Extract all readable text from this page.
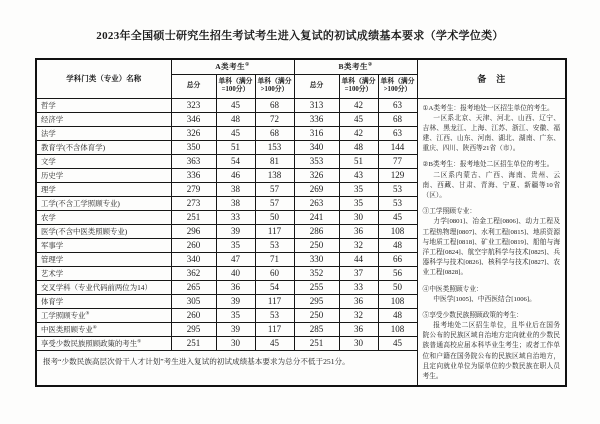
2023年全国硕士研究生招生考试考生进入复试的初试成绩基本要求（学术学位类）
学科门类（专业）名称	A类考生①			B类考生②			备注
	总分	单科（满分=100分）	单科（满分>100分）	总分	单科（满分=100分）	单科（满分>100分）	
哲学	323	45	68	313	42	63	①A类考生：报考地处一区招生单位的考生。

一区系北京、天津、河北、山西、辽宁、吉林、黑龙江、上海、江苏、浙江、安徽、福建、江西、山东、河南、湖北、湖南、广东、重庆、四川、陕西等21省（市）。

②B类考生：报考地处二区招生单位的考生。

二区系内蒙古、广西、海南、贵州、云南、西藏、甘肃、青海、宁夏、新疆等10省（区）。

③工学照顾专业：

力学[0801]、冶金工程[0806]、动力工程及工程热物理[0807]、水利工程[0815]、地质资源与地质工程[0818]、矿业工程[0819]、船舶与海洋工程[0824]、航空宇航科学与技术[0825]、兵器科学与技术[0826]、核科学与技术[0827]、农业工程[0828]。

④中医类照顾专业：

中医学[1005]、中西医结合[1006]。

⑤享受少数民族照顾政策的考生：

报考地处二区招生单位，且毕业后在国务院公布的民族区域自治地方定向就业的少数民族普通高校应届本科毕业生考生；或者工作单位和户籍在国务院公布的民族区域自治地方，且定向就业单位为原单位的少数民族在职人员考生。

经济学	346	48	72	336	45	68	
法学	326	45	68	316	42	63	
教育学(不含体育学)	350	51	153	340	48	144	
文学	363	54	81	353	51	77	
历史学	336	46	138	326	43	129	
理学	279	38	57	269	35	53	
工学(不含工学照顾专业)	273	38	57	263	35	53	
农学	251	33	50	241	30	45	
医学(不含中医类照顾专业)	296	39	117	286	36	108	
军事学	260	35	53	250	32	48	
管理学	340	47	71	330	44	66	
艺术学	362	40	60	352	37	56	
交叉学科（专业代码前两位为14）	265	36	54	255	33	50	
体育学	305	39	117	295	36	108	
工学照顾专业③	260	35	53	250	32	48	
中医类照顾专业④	295	39	117	285	36	108	
享受少数民族照顾政策的考生⑤	251	30	45	251	30	45	
报考“少数民族高层次骨干人才计划”考生进入复试的初试成绩基本要求为总分不低于251分。							
